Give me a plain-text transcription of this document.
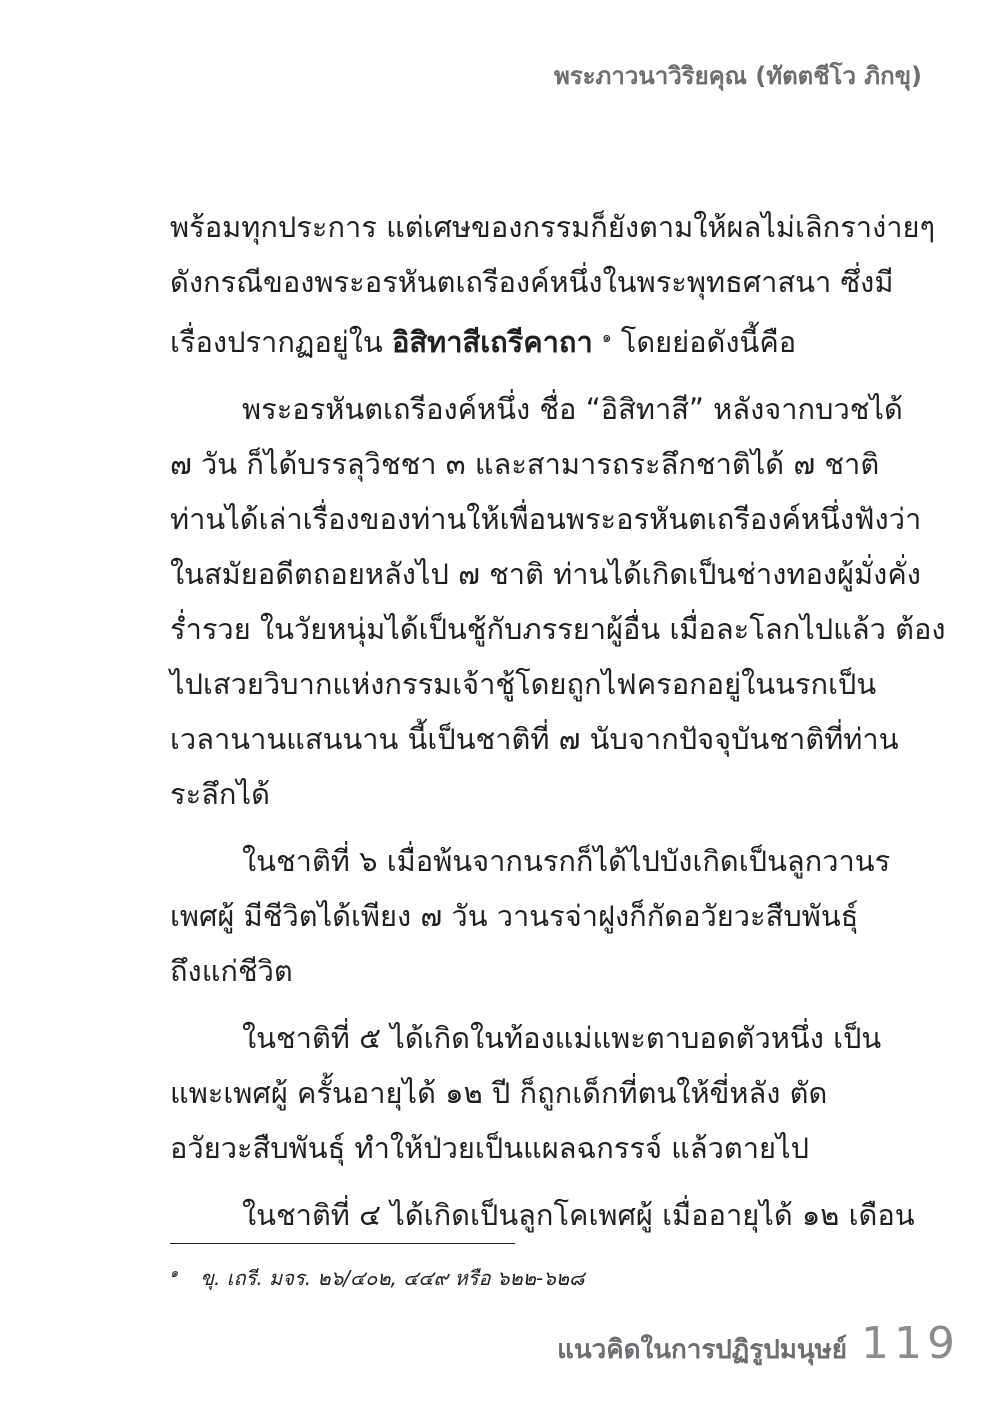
พระภาวนาวิริยคุณ (ทัตตชีโว ภิกขุ)

พร้อมทุกประการ แต่เศษของกรรมก็ยังตามให้ผลไม่เลิกราง่ายๆ
ดังกรณีของพระอรหันตเถรีองค์หนึ่งในพระพุทธศาสนา ซึ่งมี
เรื่องปรากฏอยู่ใน อิสิทาสีเถรีคาถา $^๑$ โดยย่อดังนี้คือ

พระอรหันตเถรีองค์หนึ่ง ชื่อ “อิสิทาสี” หลังจากบวชได้
๗ วัน ก็ได้บรรลุวิชชา ๓ และสามารถระลึกชาติได้ ๗ ชาติ
ท่านได้เล่าเรื่องของท่านให้เพื่อนพระอรหันตเถรีองค์หนึ่งฟังว่า
ในสมัยอดีตถอยหลังไป ๗ ชาติ ท่านได้เกิดเป็นช่างทองผู้มั่งคั่ง
ร่ำรวย ในวัยหนุ่มได้เป็นชู้กับภรรยาผู้อื่น เมื่อละโลกไปแล้ว ต้อง
ไปเสวยวิบากแห่งกรรมเจ้าชู้โดยถูกไฟครอกอยู่ในนรกเป็น
เวลานานแสนนาน นี้เป็นชาติที่ ๗ นับจากปัจจุบันชาติที่ท่าน
ระลึกได้

ในชาติที่ ๖ เมื่อพ้นจากนรกก็ได้ไปบังเกิดเป็นลูกวานร
เพศผู้ มีชีวิตได้เพียง ๗ วัน วานรจ่าฝูงก็กัดอวัยวะสืบพันธุ์
ถึงแก่ชีวิต

ในชาติที่ ๕ ได้เกิดในท้องแม่แพะตาบอดตัวหนึ่ง เป็น
แพะเพศผู้ ครั้นอายุได้ ๑๒ ปี ก็ถูกเด็กที่ตนให้ขี่หลัง ตัด
อวัยวะสืบพันธุ์ ทำให้ป่วยเป็นแผลฉกรรจ์ แล้วตายไป

ในชาติที่ ๔ ได้เกิดเป็นลูกโคเพศผู้ เมื่ออายุได้ ๑๒ เดือน

$^๑$ ขุ. เถรี. มจร. ๒๖/๔๐๒, ๔๔๙ หรือ ๖๒๒-๖๒๘
แนวคิดในการปฏิรูปมนุษย์ 119
